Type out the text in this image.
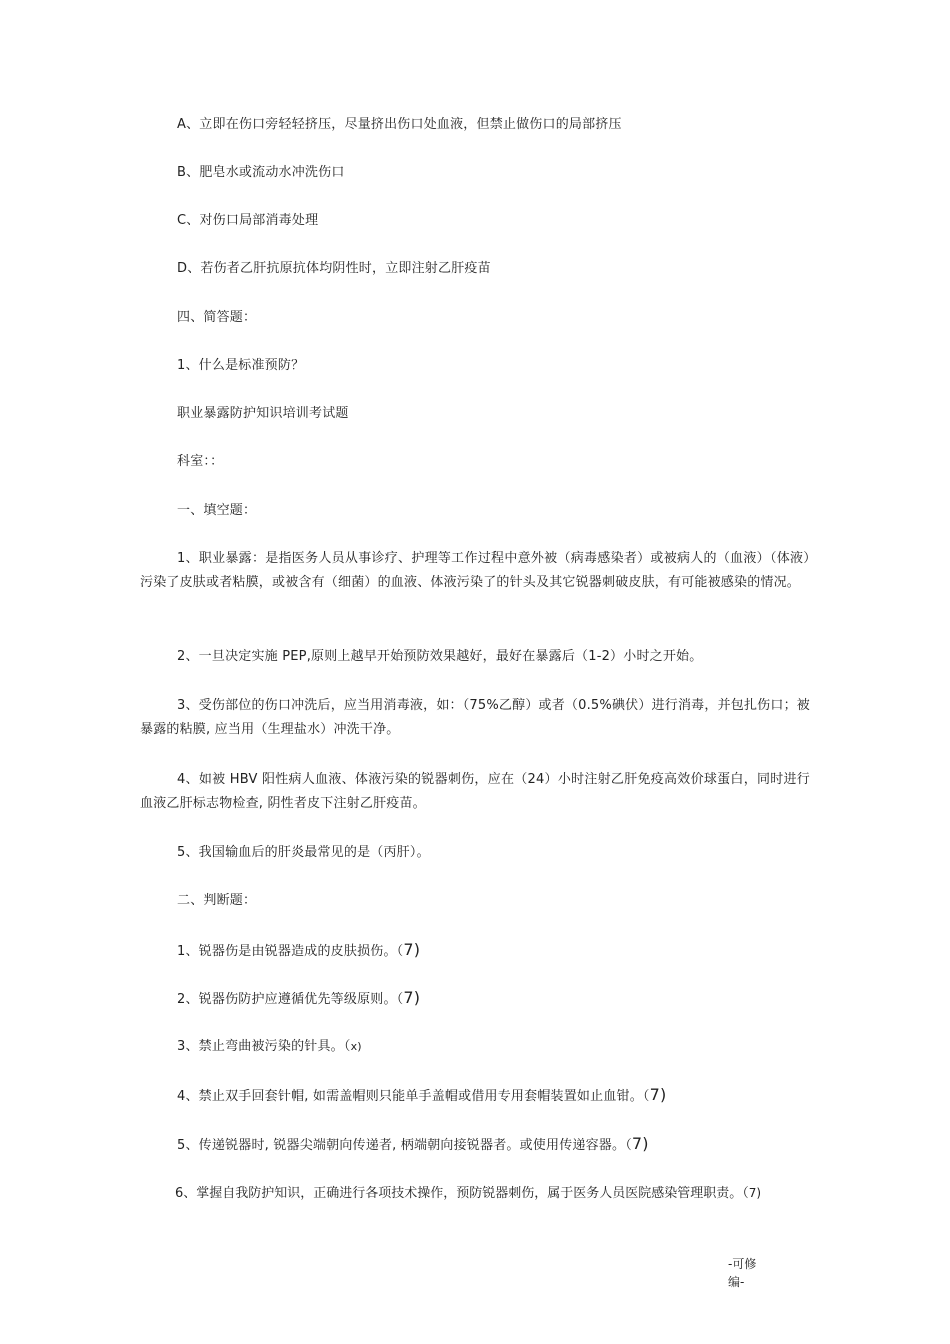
A、立即在伤口旁轻轻挤压，尽量挤出伤口处血液，但禁止做伤口的局部挤压
B、肥皂水或流动水冲洗伤口
C、对伤口局部消毒处理
D、若伤者乙肝抗原抗体均阴性时，立即注射乙肝疫苗
四、简答题：
1、什么是标准预防？
职业暴露防护知识培训考试题
科室：：
一、填空题：
1、职业暴露：是指医务人员从事诊疗、护理等工作过程中意外被（病毒感染者）或被病人的（血液）（体液）污染了皮肤或者粘膜，或被含有（细菌）的血液、体液污染了的针头及其它锐器刺破皮肤，有可能被感染的情况。
2、一旦决定实施 PEP,原则上越早开始预防效果越好，最好在暴露后（1-2）小时之开始。
3、受伤部位的伤口冲洗后，应当用消毒液，如：（75%乙醇）或者（0.5%碘伏）进行消毒，并包扎伤口；被暴露的粘膜, 应当用（生理盐水）冲洗干净。
4、如被 HBV 阳性病人血液、体液污染的锐器刺伤，应在（24）小时注射乙肝免疫高效价球蛋白，同时进行血液乙肝标志物检查, 阴性者皮下注射乙肝疫苗。
5、我国输血后的肝炎最常见的是（丙肝）。
二、判断题：
1、锐器伤是由锐器造成的皮肤损伤。（7)
2、锐器伤防护应遵循优先等级原则。（7)
3、禁止弯曲被污染的针具。（x)
4、禁止双手回套针帽, 如需盖帽则只能单手盖帽或借用专用套帽装置如止血钳。（7)
5、传递锐器时, 锐器尖端朝向传递者, 柄端朝向接锐器者。或使用传递容器。（7)
6、掌握自我防护知识，正确进行各项技术操作，预防锐器刺伤，属于医务人员医院感染管理职责。（7)
-可修
编-
